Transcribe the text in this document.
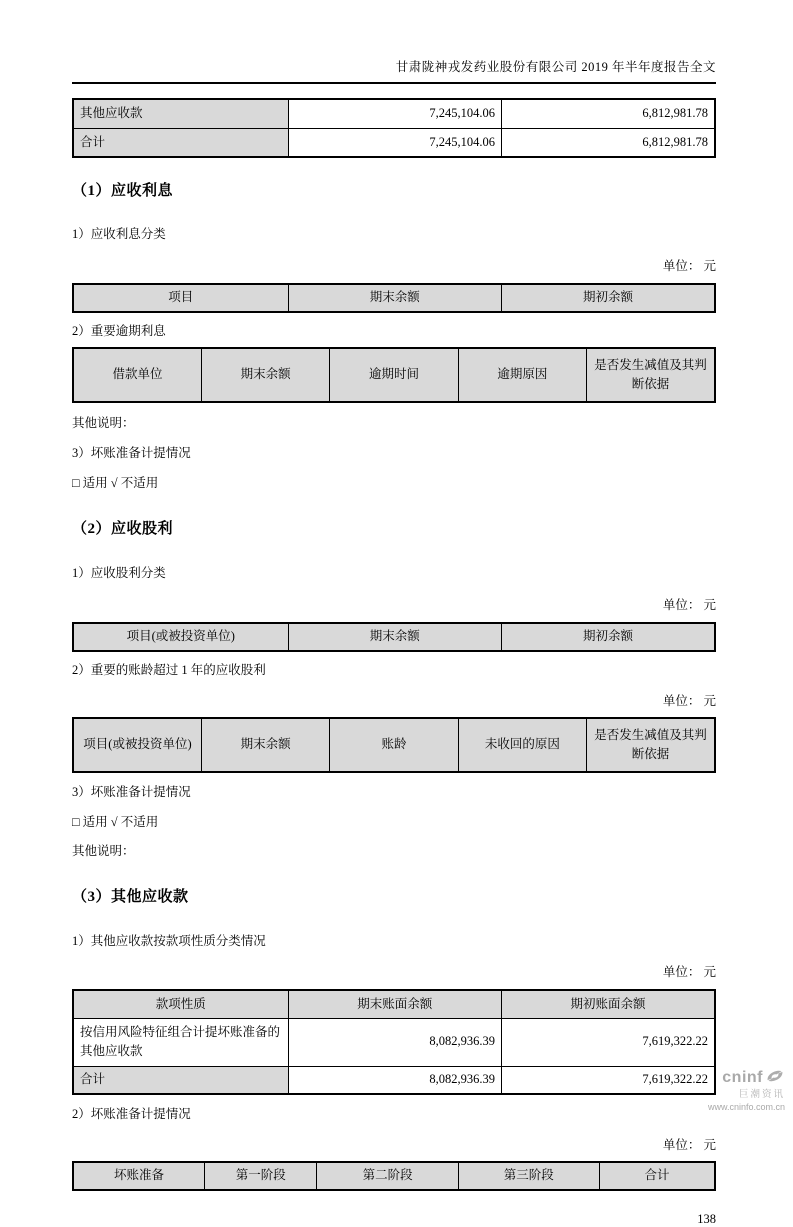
甘肃陇神戎发药业股份有限公司 2019 年半年度报告全文
其他应收款	7,245,104.06	6,812,981.78
合计	7,245,104.06	6,812,981.78
（1）应收利息
1）应收利息分类
单位： 元
项目	期末余额	期初余额
2）重要逾期利息
借款单位	期末余额	逾期时间	逾期原因	是否发生减值及其判断依据
其他说明：
3）坏账准备计提情况
□ 适用 √ 不适用
（2）应收股利
1）应收股利分类
单位： 元
项目(或被投资单位)	期末余额	期初余额
2）重要的账龄超过 1 年的应收股利
单位： 元
项目(或被投资单位)	期末余额	账龄	未收回的原因	是否发生减值及其判断依据
3）坏账准备计提情况
□ 适用 √ 不适用
其他说明：
（3）其他应收款
1）其他应收款按款项性质分类情况
单位： 元
款项性质	期末账面余额	期初账面余额
按信用风险特征组合计提坏账准备的其他应收款	8,082,936.39	7,619,322.22
合计	8,082,936.39	7,619,322.22
2）坏账准备计提情况
单位： 元
坏账准备	第一阶段	第二阶段	第三阶段	合计
138
cninf
巨潮资讯
www.cninfo.com.cn
